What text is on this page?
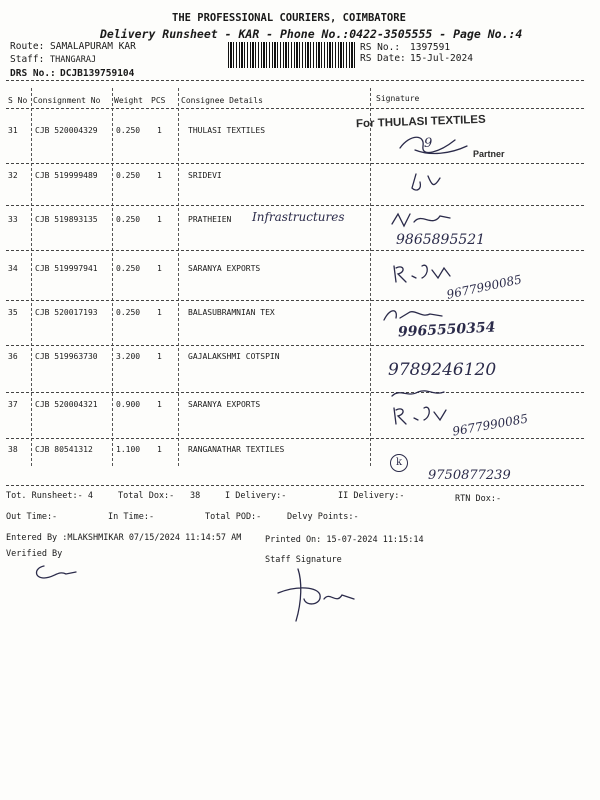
THE PROFESSIONAL COURIERS, COIMBATORE
Delivery Runsheet - KAR - Phone No.:0422-3505555 - Page No.:4
Route: SAMALAPURAM KAR
Staff: THANGARAJ
DRS No.: DCJB139759104
RS No.: 1397591
RS Date: 15-Jul-2024
S No Consignment No Weight PCS Consignee Details	Signature
31 CJB 520004329 0.250 1	THULASI TEXTILES
For THULASI TEXTILES
Partner
9
32 CJB 519999489 0.250 1	SRIDEVI
33 CJB 519893135 0.250 1	PRATHEIEN Infrastructures
9865895521
34 CJB 519997941 0.250 1	SARANYA EXPORTS
9677990085
35 CJB 520017193 0.250 1	BALASUBRAMNIAN TEX
9965550354
36 CJB 519963730 3.200 1	GAJALAKSHMI COTSPIN
9789246120
37 CJB 520004321 0.900 1	SARANYA EXPORTS
9677990085
38 CJB 80541312	1.100 1	RANGANATHAR TEXTILES
k
9750877239
Tot. Runsheet:- 4	Total Dox:- 38	I Delivery:-	II Delivery:-	RTN Dox:-
Out Time:-	In Time:-	Total POD:-	Delvy Points:-
Entered By :MLAKSHMIKAR 07/15/2024 11:14:57 AM	Printed On: 15-07-2024 11:15:14
Verified By
Staff Signature
